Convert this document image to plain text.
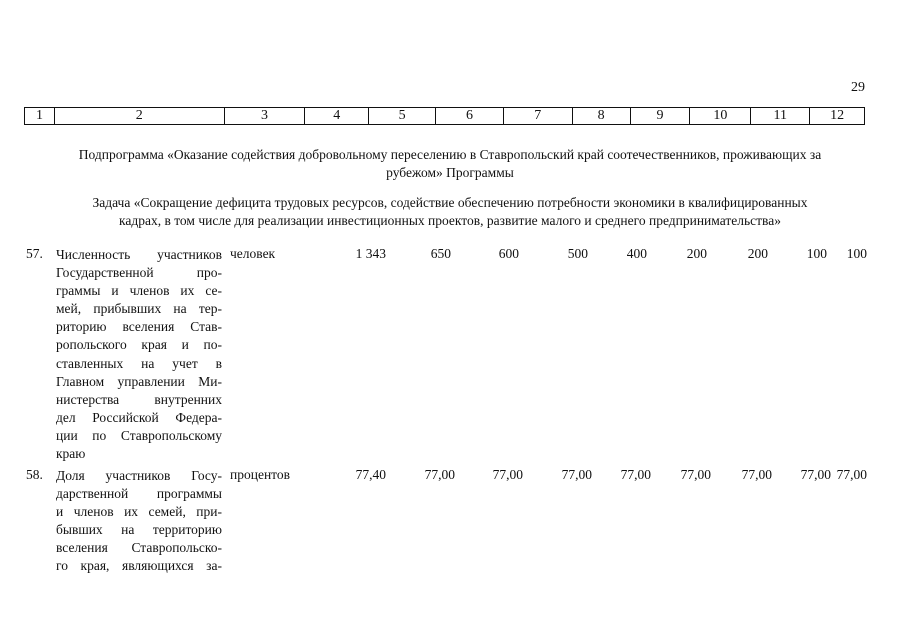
29
1	2	3	4	5	6	7	8	9	10	11	12
Подпрограмма «Оказание содействия добровольному переселению в Ставропольский край соотечественников, проживающих за
рубежом» Программы
Задача «Сокращение дефицита трудовых ресурсов, содействие обеспечению потребности экономики в квалифицированных
кадрах, в том числе для реализации инвестиционных проектов, развитие малого и среднего предпринимательства»
57. Численность участников
Государственной про-
граммы и членов их се-
мей, прибывших на тер-
риторию вселения Став-
ропольского края и по-
ставленных на учет в
Главном управлении Ми-
нистерства внутренних
дел Российской Федера-
ции по Ставропольскому
краю
человек	1 343	650	600	500	400	200	200	100 100
58. Доля участников Госу-
дарственной программы
и членов их семей, при-
бывших на территорию
вселения Ставропольско-
го края, являющихся за-
процентов	77,40	77,00	77,00	77,00 77,00 77,00 77,00 77,00 77,00
